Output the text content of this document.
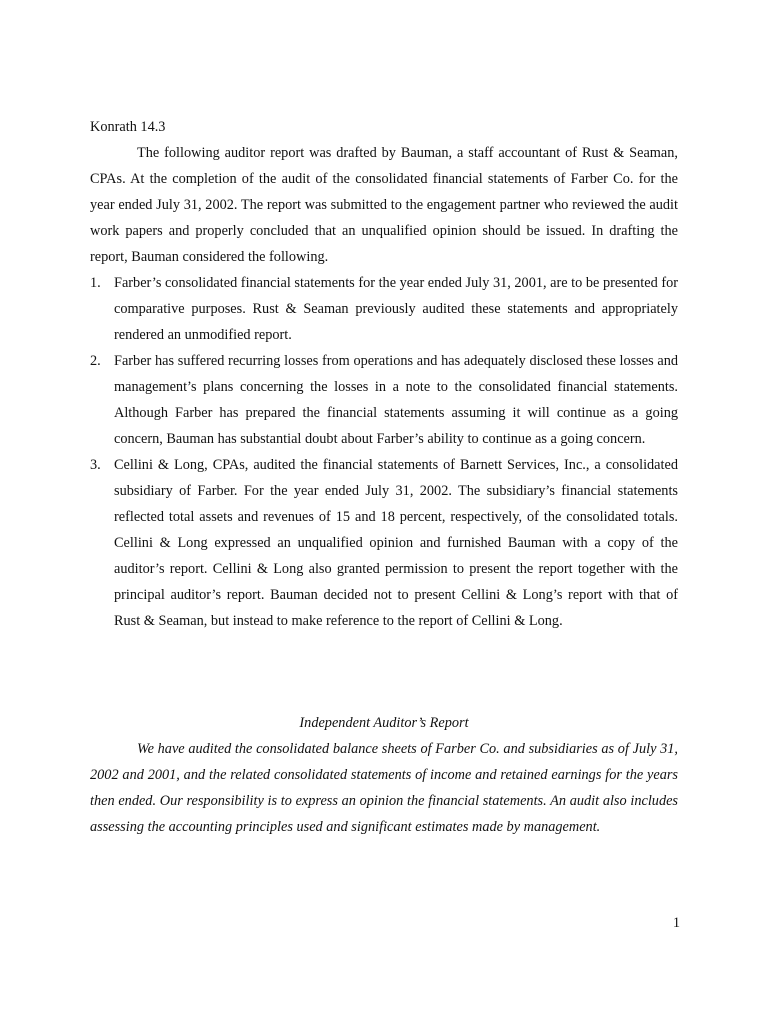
Konrath 14.3

The following auditor report was drafted by Bauman, a staff accountant of Rust & Seaman, CPAs. At the completion of the audit of the consolidated financial statements of Farber Co. for the year ended July 31, 2002. The report was submitted to the engagement partner who reviewed the audit work papers and properly concluded that an unqualified opinion should be issued. In drafting the report, Bauman considered the following.

1. Farber’s consolidated financial statements for the year ended July 31, 2001, are to be presented for comparative purposes. Rust & Seaman previously audited these statements and appropriately rendered an unmodified report.
2. Farber has suffered recurring losses from operations and has adequately disclosed these losses and management’s plans concerning the losses in a note to the consolidated financial statements. Although Farber has prepared the financial statements assuming it will continue as a going concern, Bauman has substantial doubt about Farber’s ability to continue as a going concern.
3. Cellini & Long, CPAs, audited the financial statements of Barnett Services, Inc., a consolidated subsidiary of Farber. For the year ended July 31, 2002. The subsidiary’s financial statements reflected total assets and revenues of 15 and 18 percent, respectively, of the consolidated totals. Cellini & Long expressed an unqualified opinion and furnished Bauman with a copy of the auditor’s report. Cellini & Long also granted permission to present the report together with the principal auditor’s report. Bauman decided not to present Cellini & Long’s report with that of Rust & Seaman, but instead to make reference to the report of Cellini & Long.

Independent Auditor’s Report

We have audited the consolidated balance sheets of Farber Co. and subsidiaries as of July 31, 2002 and 2001, and the related consolidated statements of income and retained earnings for the years then ended. Our responsibility is to express an opinion the financial statements. An audit also includes assessing the accounting principles used and significant estimates made by management.

1
